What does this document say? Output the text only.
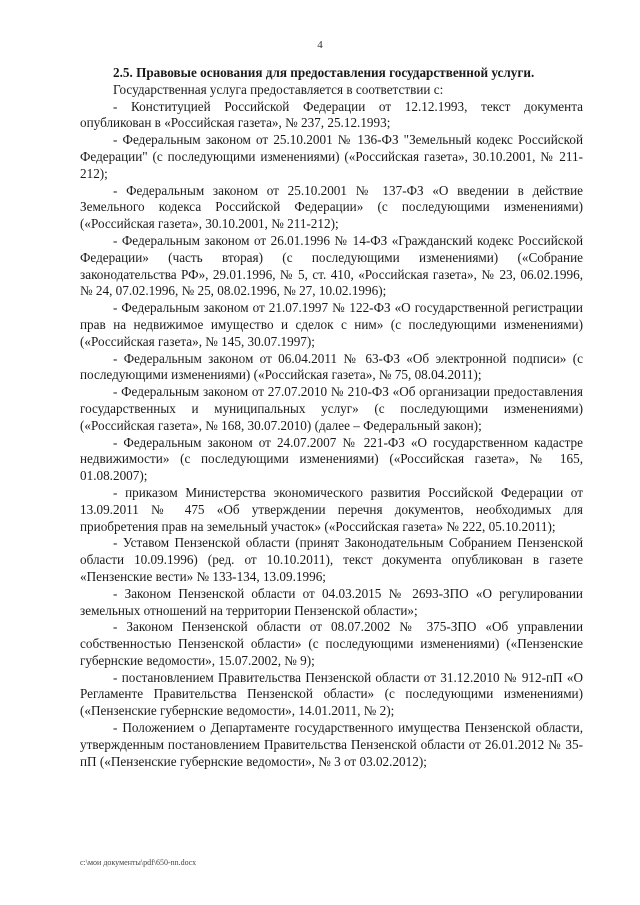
4

2.5. Правовые основания для предоставления государственной услуги.

Государственная услуга предоставляется в соответствии с:

- Конституцией Российской Федерации от 12.12.1993, текст документа опубликован в «Российская газета», № 237, 25.12.1993;

- Федеральным законом от 25.10.2001 № 136-ФЗ "Земельный кодекс Российской Федерации" (с последующими изменениями) («Российская газета», 30.10.2001, № 211-212);

- Федеральным законом от 25.10.2001 № 137-ФЗ «О введении в действие Земельного кодекса Российской Федерации» (с последующими изменениями) («Российская газета», 30.10.2001, № 211-212);

- Федеральным законом от 26.01.1996 № 14-ФЗ «Гражданский кодекс Российской Федерации» (часть вторая) (с последующими изменениями) («Собрание законодательства РФ», 29.01.1996, № 5, ст. 410, «Российская газета», № 23, 06.02.1996, № 24, 07.02.1996, № 25, 08.02.1996, № 27, 10.02.1996);

- Федеральным законом от 21.07.1997 № 122-ФЗ «О государственной регистрации прав на недвижимое имущество и сделок с ним» (с последующими изменениями) («Российская газета», № 145, 30.07.1997);

- Федеральным законом от 06.04.2011 № 63-ФЗ «Об электронной подписи» (с последующими изменениями) («Российская газета», № 75, 08.04.2011);

- Федеральным законом от 27.07.2010 № 210-ФЗ «Об организации предоставления государственных и муниципальных услуг» (с последующими изменениями) («Российская газета», № 168, 30.07.2010) (далее – Федеральный закон);

- Федеральным законом от 24.07.2007 № 221-ФЗ «О государственном кадастре недвижимости» (с последующими изменениями) («Российская газета», № 165, 01.08.2007);

- приказом Министерства экономического развития Российской Федерации от 13.09.2011 № 475 «Об утверждении перечня документов, необходимых для приобретения прав на земельный участок» («Российская газета» № 222, 05.10.2011);

- Уставом Пензенской области (принят Законодательным Собранием Пензенской области 10.09.1996) (ред. от 10.10.2011), текст документа опубликован в газете «Пензенские вести» № 133-134, 13.09.1996;

- Законом Пензенской области от 04.03.2015 № 2693-ЗПО «О регулировании земельных отношений на территории Пензенской области»;

- Законом Пензенской области от 08.07.2002 № 375-ЗПО «Об управлении собственностью Пензенской области» (с последующими изменениями) («Пензенские губернские ведомости», 15.07.2002, № 9);

- постановлением Правительства Пензенской области от 31.12.2010 № 912-пП «О Регламенте Правительства Пензенской области» (с последующими изменениями) («Пензенские губернские ведомости», 14.01.2011, № 2);

- Положением о Департаменте государственного имущества Пензенской области, утвержденным постановлением Правительства Пензенской области от 26.01.2012 № 35-пП («Пензенские губернские ведомости», № 3 от 03.02.2012);

c:\мои документы\pdf\650-nn.docx
